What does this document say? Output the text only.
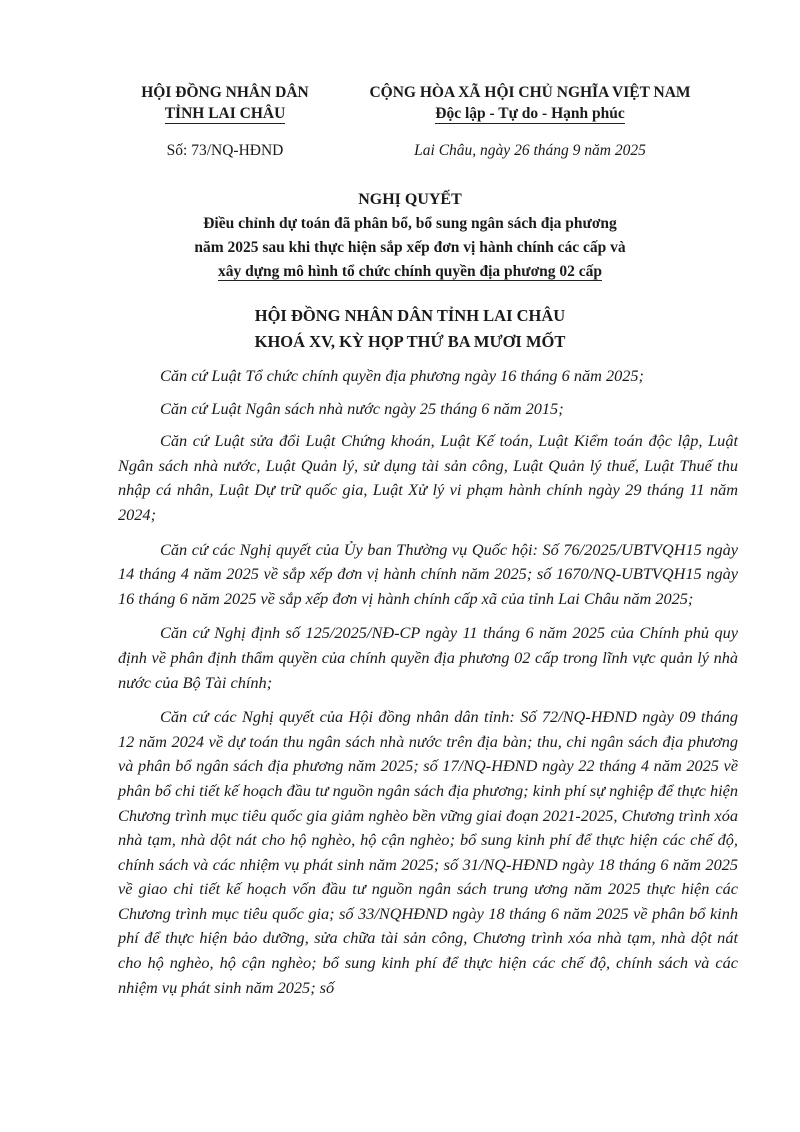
HỘI ĐỒNG NHÂN DÂN
TỈNH LAI CHÂU
CỘNG HÒA XÃ HỘI CHỦ NGHĨA VIỆT NAM
Độc lập - Tự do - Hạnh phúc
Số: 73/NQ-HĐND	Lai Châu, ngày 26 tháng 9 năm 2025
NGHỊ QUYẾT
Điều chỉnh dự toán đã phân bổ, bổ sung ngân sách địa phương
năm 2025 sau khi thực hiện sắp xếp đơn vị hành chính các cấp và
xây dựng mô hình tổ chức chính quyền địa phương 02 cấp
HỘI ĐỒNG NHÂN DÂN TỈNH LAI CHÂU
KHOÁ XV, KỲ HỌP THỨ BA MƯƠI MỐT

Căn cứ Luật Tổ chức chính quyền địa phương ngày 16 tháng 6 năm 2025;

Căn cứ Luật Ngân sách nhà nước ngày 25 tháng 6 năm 2015;

Căn cứ Luật sửa đổi Luật Chứng khoán, Luật Kế toán, Luật Kiểm toán độc lập, Luật Ngân sách nhà nước, Luật Quản lý, sử dụng tài sản công, Luật Quản lý thuế, Luật Thuế thu nhập cá nhân, Luật Dự trữ quốc gia, Luật Xử lý vi phạm hành chính ngày 29 tháng 11 năm 2024;

Căn cứ các Nghị quyết của Ủy ban Thường vụ Quốc hội: Số 76/2025/UBTVQH15 ngày 14 tháng 4 năm 2025 về sắp xếp đơn vị hành chính năm 2025; số 1670/NQ-UBTVQH15 ngày 16 tháng 6 năm 2025 về sắp xếp đơn vị hành chính cấp xã của tỉnh Lai Châu năm 2025;

Căn cứ Nghị định số 125/2025/NĐ-CP ngày 11 tháng 6 năm 2025 của Chính phủ quy định về phân định thẩm quyền của chính quyền địa phương 02 cấp trong lĩnh vực quản lý nhà nước của Bộ Tài chính;

Căn cứ các Nghị quyết của Hội đồng nhân dân tỉnh: Số 72/NQ-HĐND ngày 09 tháng 12 năm 2024 về dự toán thu ngân sách nhà nước trên địa bàn; thu, chi ngân sách địa phương và phân bổ ngân sách địa phương năm 2025; số 17/NQ-HĐND ngày 22 tháng 4 năm 2025 về phân bổ chi tiết kế hoạch đầu tư nguồn ngân sách địa phương; kinh phí sự nghiệp để thực hiện Chương trình mục tiêu quốc gia giảm nghèo bền vững giai đoạn 2021-2025, Chương trình xóa nhà tạm, nhà dột nát cho hộ nghèo, hộ cận nghèo; bổ sung kinh phí để thực hiện các chế độ, chính sách và các nhiệm vụ phát sinh năm 2025; số 31/NQ-HĐND ngày 18 tháng 6 năm 2025 về giao chi tiết kế hoạch vốn đầu tư nguồn ngân sách trung ương năm 2025 thực hiện các Chương trình mục tiêu quốc gia; số 33/NQHĐND ngày 18 tháng 6 năm 2025 về phân bổ kinh phí để thực hiện bảo dưỡng, sửa chữa tài sản công, Chương trình xóa nhà tạm, nhà dột nát cho hộ nghèo, hộ cận nghèo; bổ sung kinh phí để thực hiện các chế độ, chính sách và các nhiệm vụ phát sinh năm 2025; số
